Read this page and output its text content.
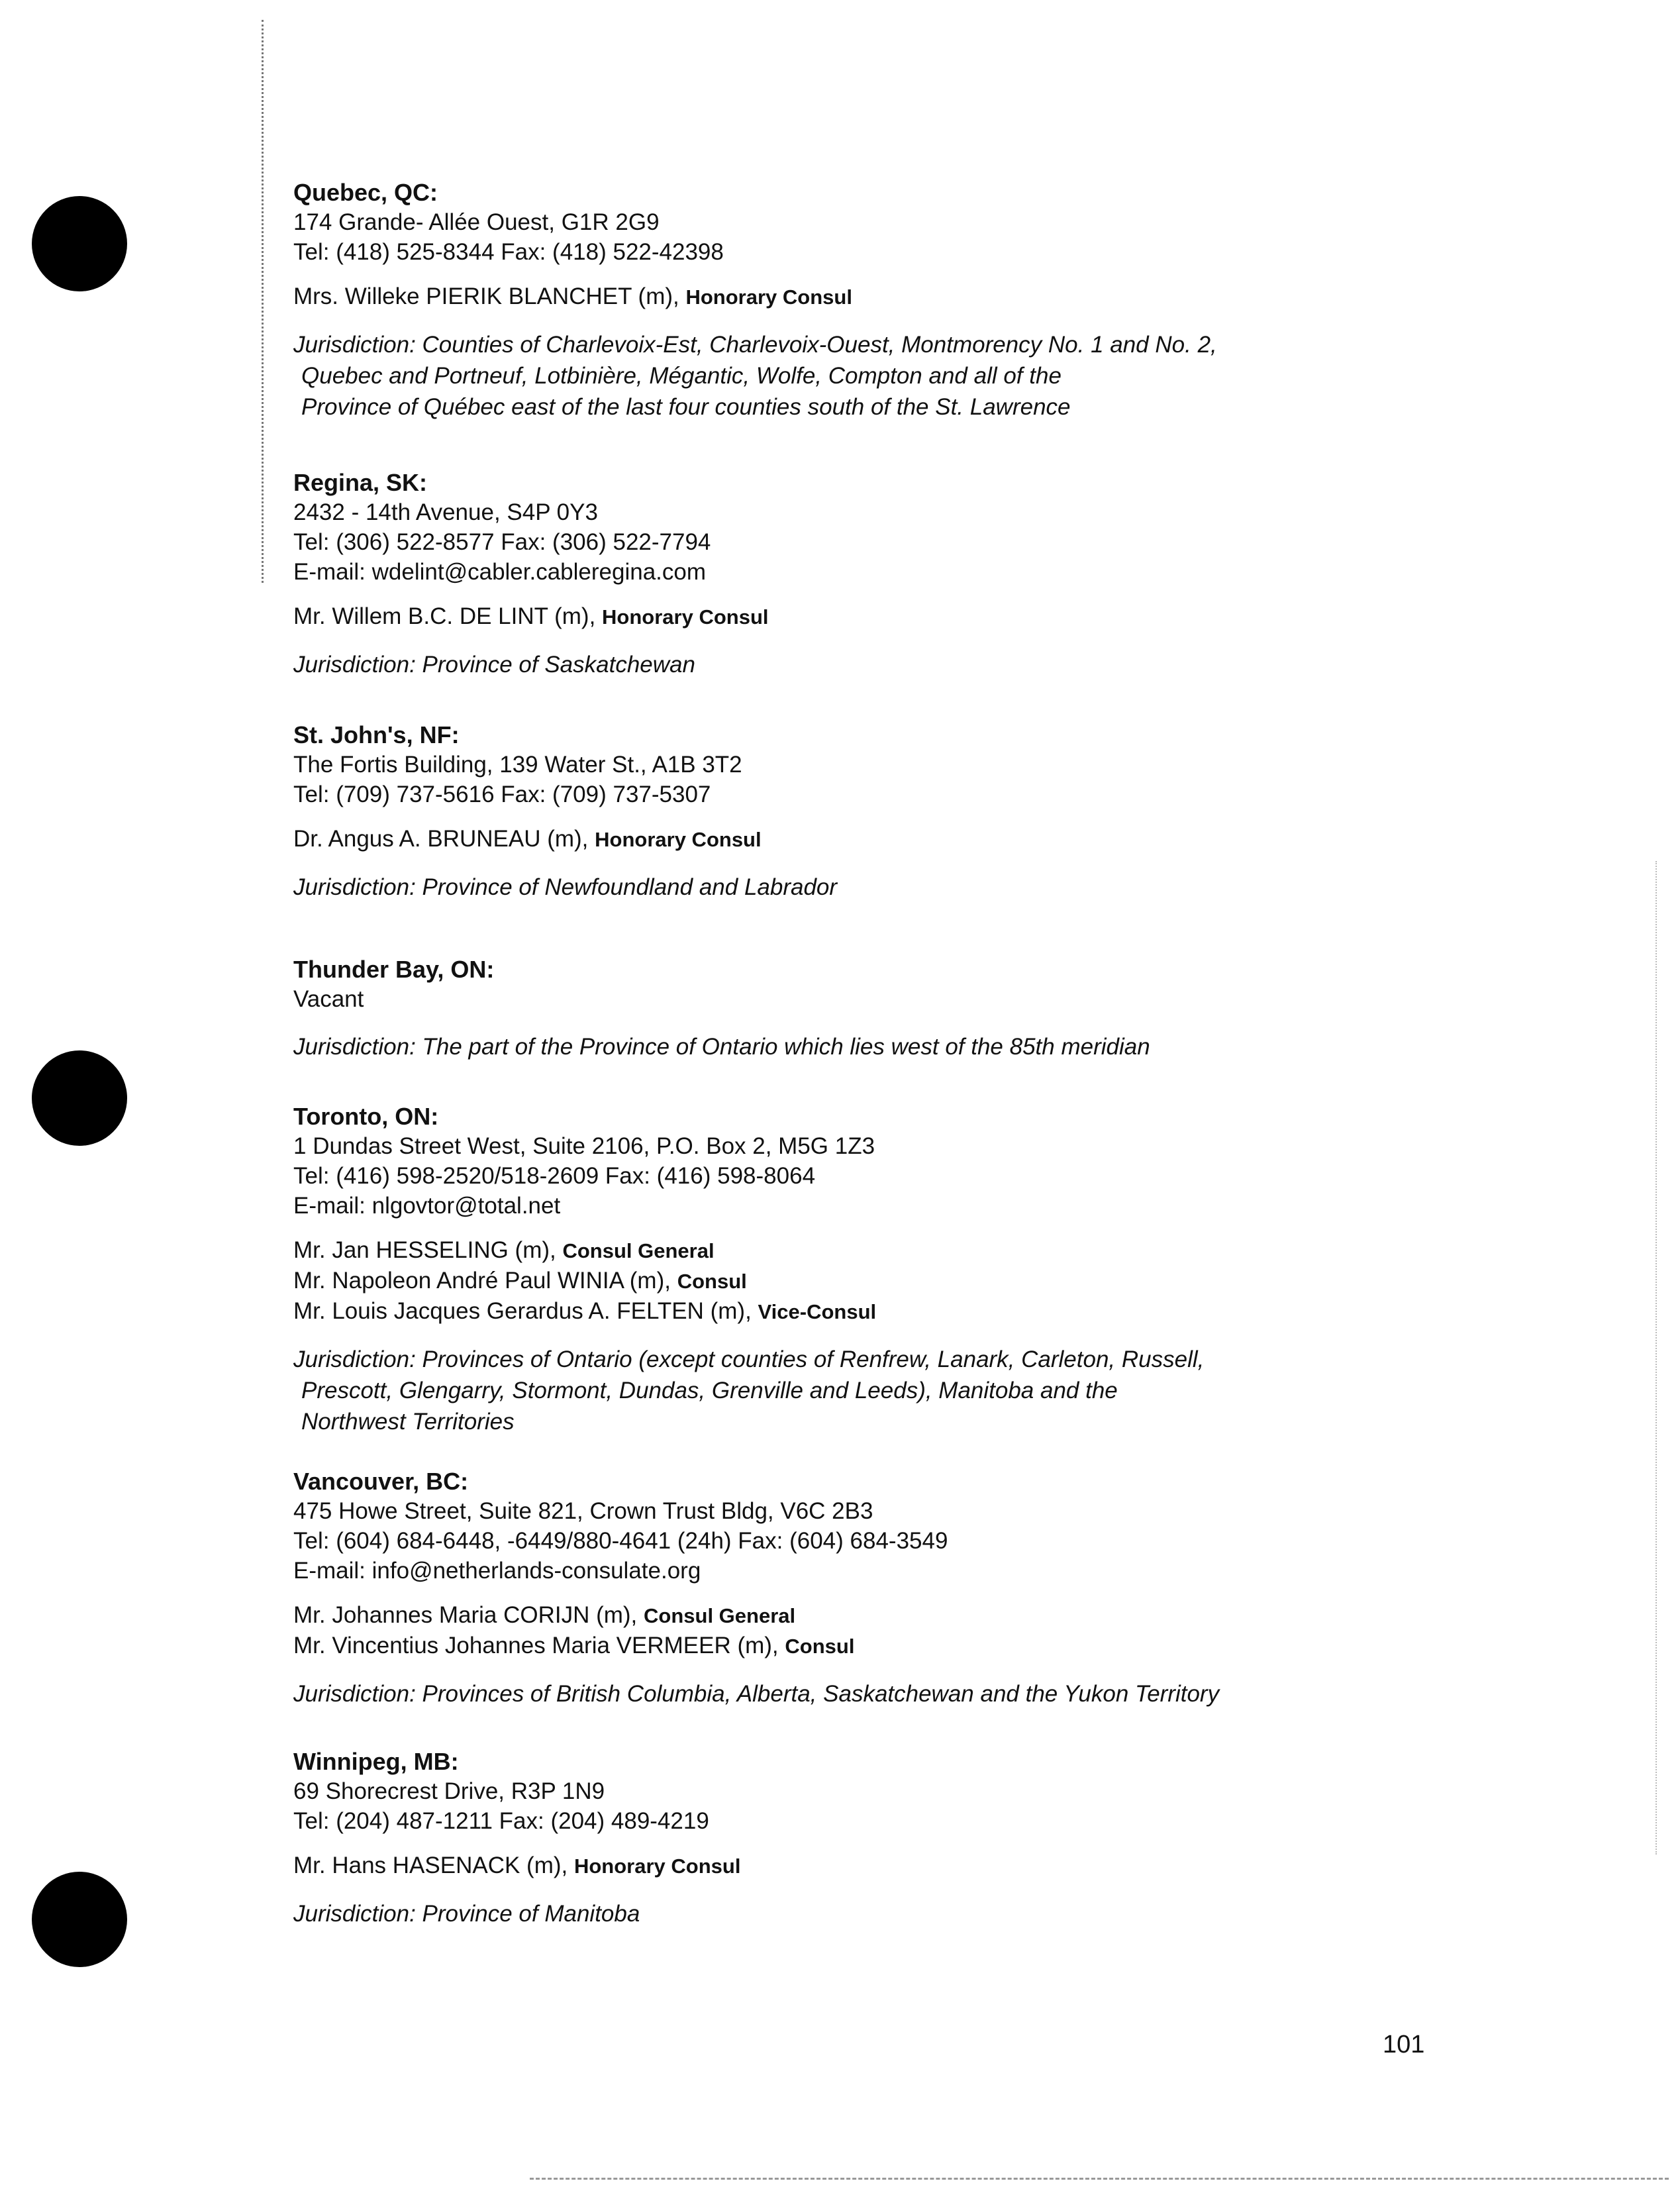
Quebec, QC:
174 Grande- Allée Ouest, G1R 2G9
Tel: (418) 525-8344 Fax: (418) 522-42398
Mrs. Willeke PIERIK BLANCHET (m), Honorary Consul
Jurisdiction: Counties of Charlevoix-Est, Charlevoix-Ouest, Montmorency No. 1 and No. 2,
Quebec and Portneuf, Lotbinière, Mégantic, Wolfe, Compton and all of the
Province of Québec east of the last four counties south of the St. Lawrence
Regina, SK:
2432 - 14th Avenue, S4P 0Y3
Tel: (306) 522-8577 Fax: (306) 522-7794
E-mail: wdelint@cabler.cableregina.com
Mr. Willem B.C. DE LINT (m), Honorary Consul
Jurisdiction: Province of Saskatchewan
St. John's, NF:
The Fortis Building, 139 Water St., A1B 3T2
Tel: (709) 737-5616 Fax: (709) 737-5307
Dr. Angus A. BRUNEAU (m), Honorary Consul
Jurisdiction: Province of Newfoundland and Labrador
Thunder Bay, ON:
Vacant
Jurisdiction: The part of the Province of Ontario which lies west of the 85th meridian
Toronto, ON:
1 Dundas Street West, Suite 2106, P.O. Box 2, M5G 1Z3
Tel: (416) 598-2520/518-2609 Fax: (416) 598-8064
E-mail: nlgovtor@total.net
Mr. Jan HESSELING (m), Consul General
Mr. Napoleon André Paul WINIA (m), Consul
Mr. Louis Jacques Gerardus A. FELTEN (m), Vice-Consul
Jurisdiction: Provinces of Ontario (except counties of Renfrew, Lanark, Carleton, Russell,
Prescott, Glengarry, Stormont, Dundas, Grenville and Leeds), Manitoba and the
Northwest Territories
Vancouver, BC:
475 Howe Street, Suite 821, Crown Trust Bldg, V6C 2B3
Tel: (604) 684-6448, -6449/880-4641 (24h) Fax: (604) 684-3549
E-mail: info@netherlands-consulate.org
Mr. Johannes Maria CORIJN (m), Consul General
Mr. Vincentius Johannes Maria VERMEER (m), Consul
Jurisdiction: Provinces of British Columbia, Alberta, Saskatchewan and the Yukon Territory
Winnipeg, MB:
69 Shorecrest Drive, R3P 1N9
Tel: (204) 487-1211 Fax: (204) 489-4219
Mr. Hans HASENACK (m), Honorary Consul
Jurisdiction: Province of Manitoba
101
